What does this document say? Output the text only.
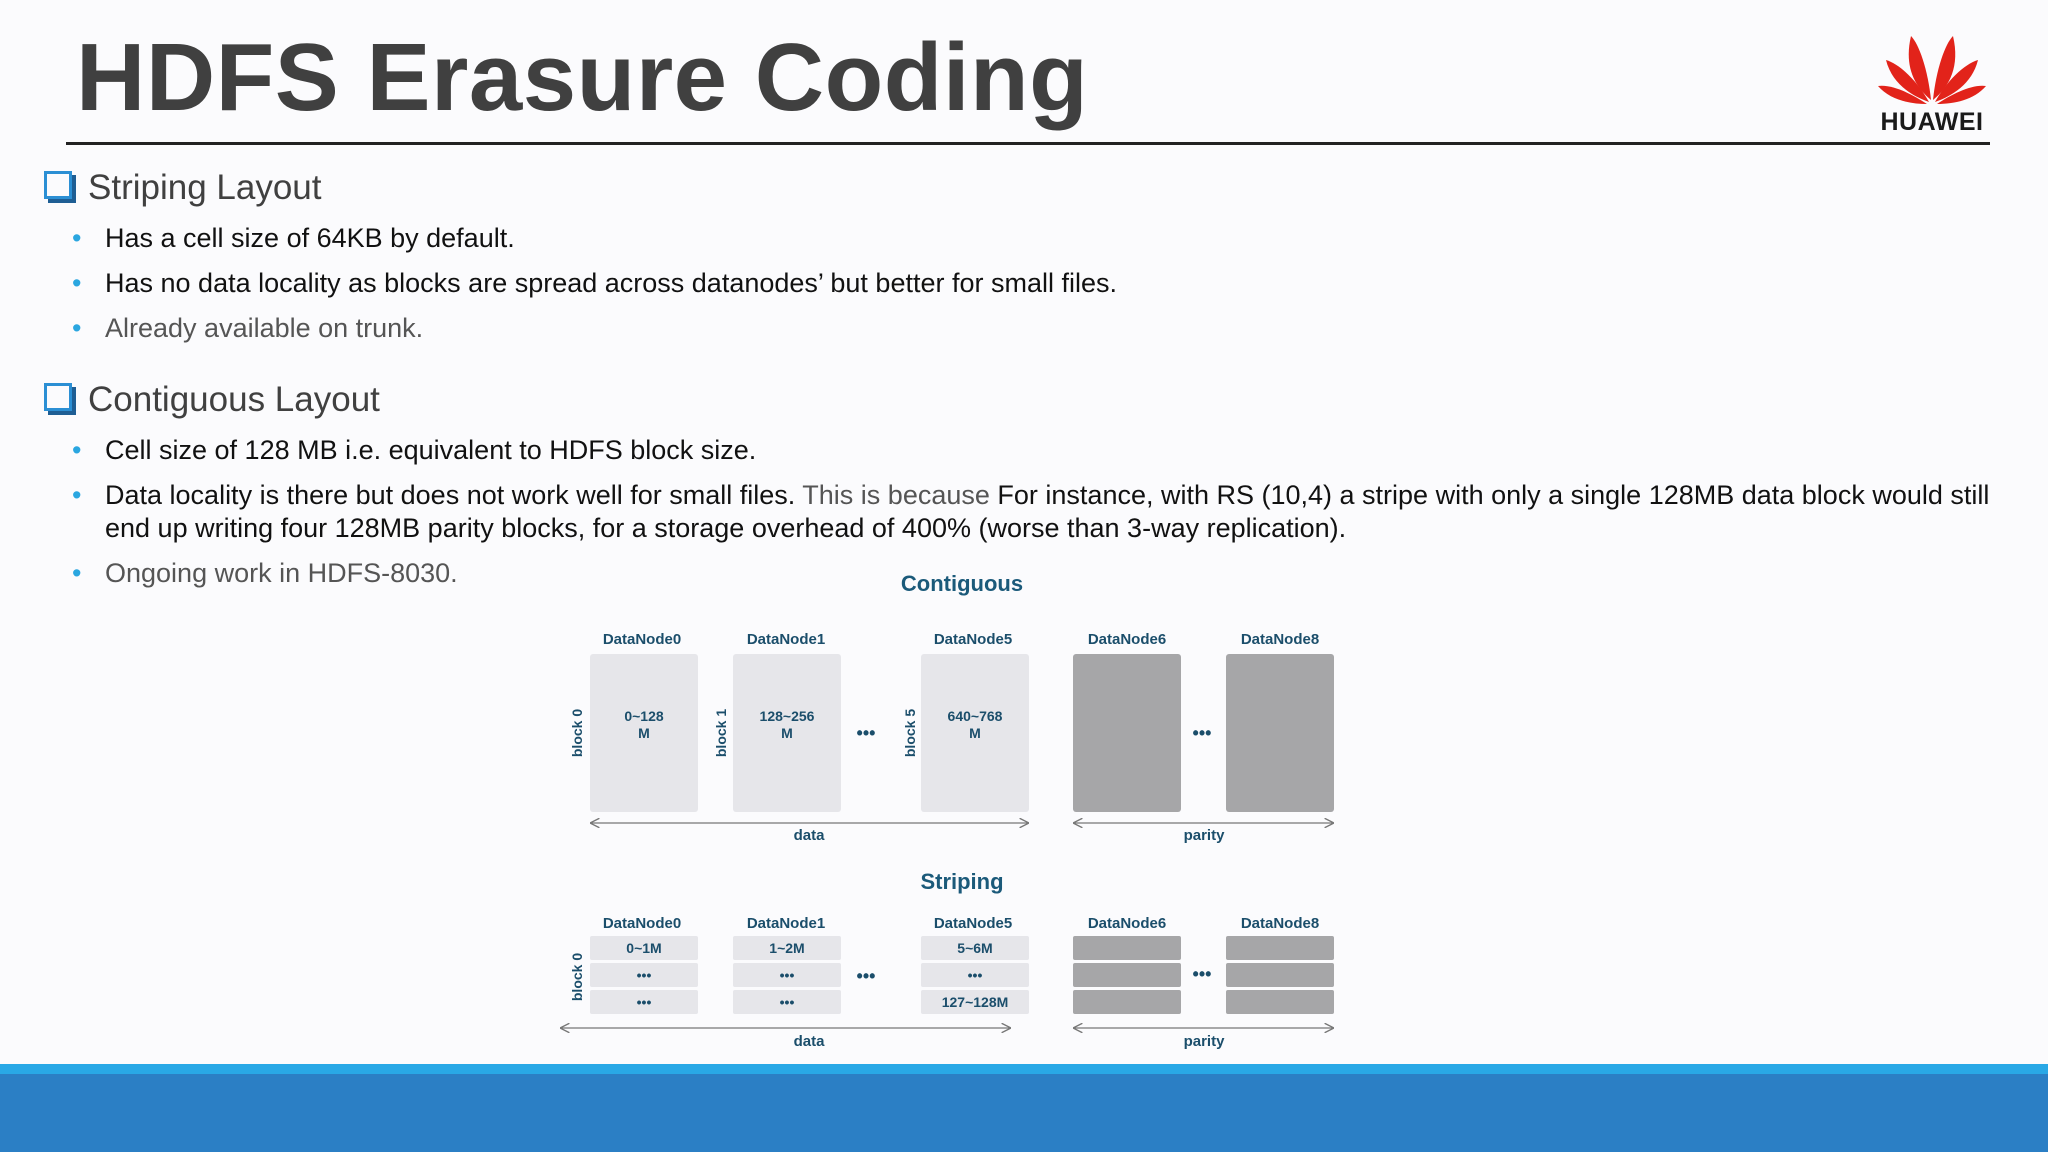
HDFS Erasure Coding	HUAWEI
Striping Layout
• Has a cell size of 64KB by default.
• Has no data locality as blocks are spread across datanodes’ but better for small files.
• Already available on trunk.
Contiguous Layout
• Cell size of 128 MB i.e. equivalent to HDFS block size.
• Data locality is there but does not work well for small files. This is because For instance, with RS (10,4) a stripe with only a single 128MB data block would still end up writing four 128MB parity blocks, for a storage overhead of 400% (worse than 3-way replication).
• Ongoing work in HDFS-8030.	Contiguous
DataNode0	DataNode1	DataNode5	DataNode6	DataNode8
0~128
M
128~256
M
640~768
M
block 0	block 1	block 5
•••	•••
data	parity
Striping
DataNode0	DataNode1	DataNode5	DataNode6	DataNode8
0~1M
•••
•••
1~2M
•••
•••
5~6M
•••
127~128M
block 0	•••	•••
data	parity
